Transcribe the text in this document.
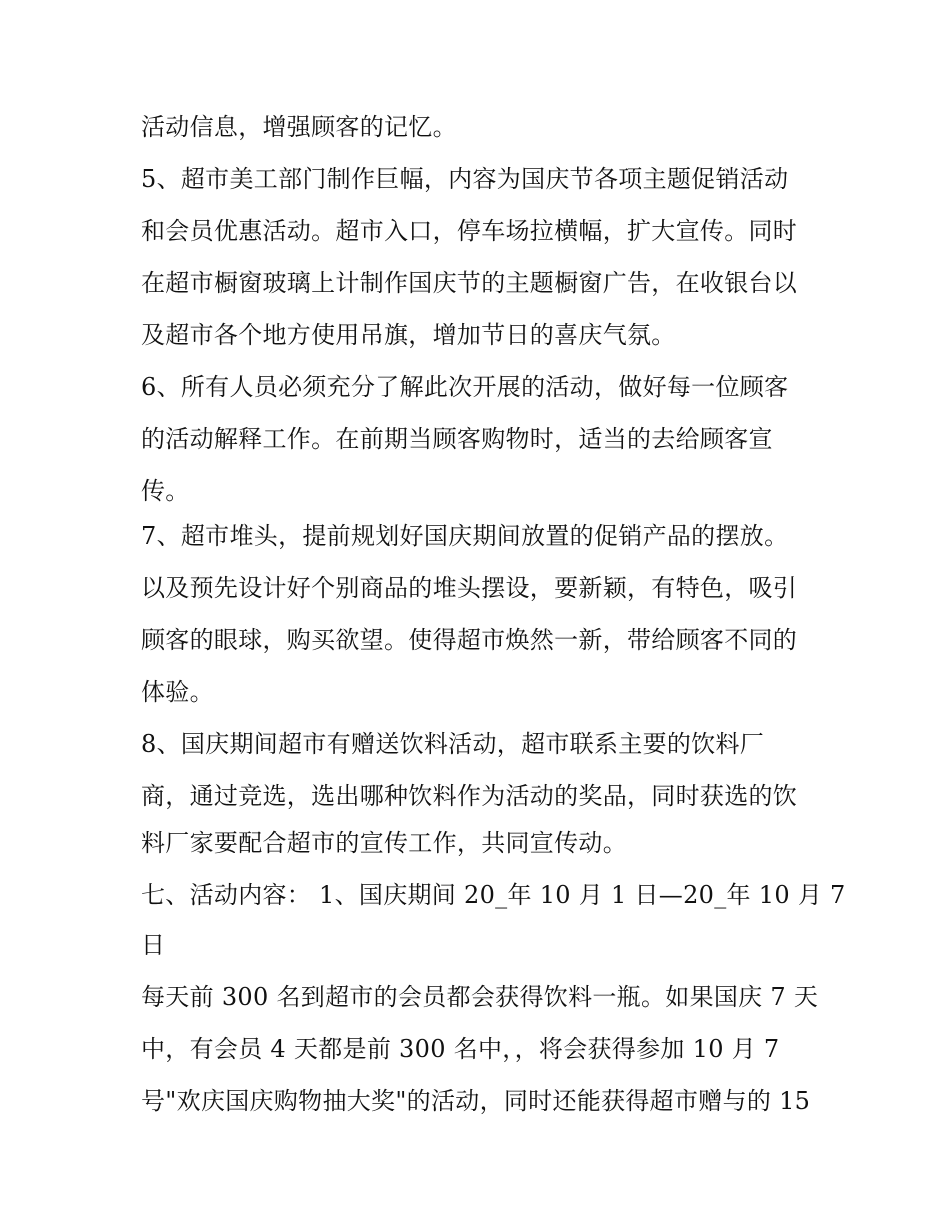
活动信息，增强顾客的记忆。
5、超市美工部门制作巨幅，内容为国庆节各项主题促销活动
和会员优惠活动。超市入口，停车场拉横幅，扩大宣传。同时
在超市橱窗玻璃上计制作国庆节的主题橱窗广告，在收银台以
及超市各个地方使用吊旗，增加节日的喜庆气氛。
6、所有人员必须充分了解此次开展的活动，做好每一位顾客
的活动解释工作。在前期当顾客购物时，适当的去给顾客宣
传。
7、超市堆头，提前规划好国庆期间放置的促销产品的摆放。
以及预先设计好个别商品的堆头摆设，要新颖，有特色，吸引
顾客的眼球，购买欲望。使得超市焕然一新，带给顾客不同的
体验。
8、国庆期间超市有赠送饮料活动，超市联系主要的饮料厂
商，通过竞选，选出哪种饮料作为活动的奖品，同时获选的饮
料厂家要配合超市的宣传工作，共同宣传动。
七、活动内容： 1、国庆期间 20_年 10 月 1 日—20_年 10 月 7
日
每天前 300 名到超市的会员都会获得饮料一瓶。如果国庆 7 天
中，有会员 4 天都是前 300 名中，，将会获得参加 10 月 7
号"欢庆国庆购物抽大奖"的活动，同时还能获得超市赠与的 15
